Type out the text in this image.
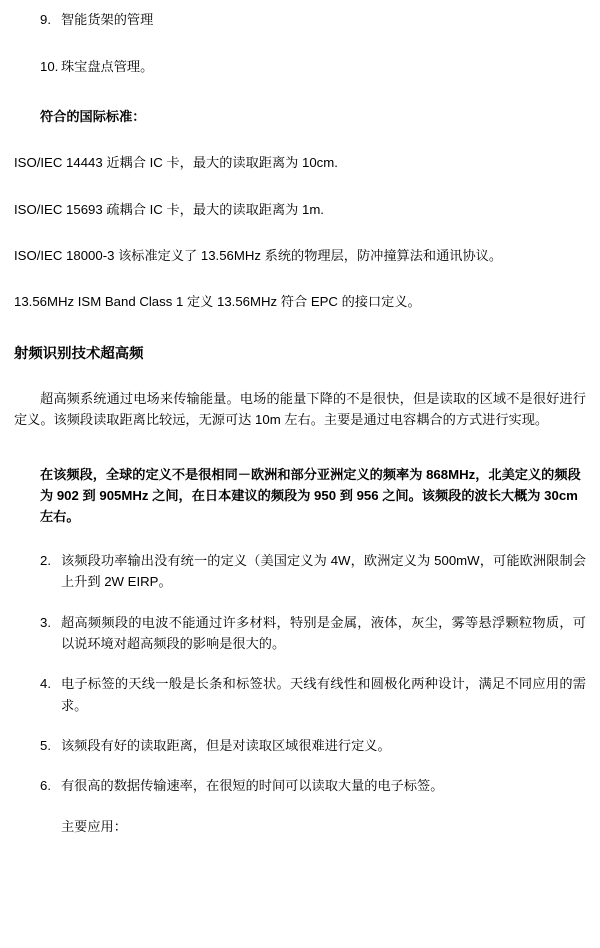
9. 智能货架的管理
10. 珠宝盘点管理。
符合的国际标准：
ISO/IEC 14443 近耦合 IC 卡，最大的读取距离为 10cm.
ISO/IEC 15693 疏耦合 IC 卡，最大的读取距离为 1m.
ISO/IEC 18000-3 该标准定义了 13.56MHz 系统的物理层，防冲撞算法和通讯协议。
13.56MHz ISM Band Class 1 定义 13.56MHz 符合 EPC 的接口定义。
射频识别技术超高频
超高频系统通过电场来传输能量。电场的能量下降的不是很快，但是读取的区域不是很好进行定义。该频段读取距离比较远，无源可达 10m 左右。主要是通过电容耦合的方式进行实现。
在该频段，全球的定义不是很相同－欧洲和部分亚洲定义的频率为 868MHz，北美定义的频段为 902 到 905MHz 之间，在日本建议的频段为 950 到 956 之间。该频段的波长大概为 30cm 左右。
2. 该频段功率输出没有统一的定义（美国定义为 4W，欧洲定义为 500mW，可能欧洲限制会上升到 2W EIRP。
3. 超高频频段的电波不能通过许多材料，特别是金属，液体，灰尘，雾等悬浮颗粒物质，可以说环境对超高频段的影响是很大的。
4. 电子标签的天线一般是长条和标签状。天线有线性和圆极化两种设计，满足不同应用的需求。
5. 该频段有好的读取距离，但是对读取区域很难进行定义。
6. 有很高的数据传输速率，在很短的时间可以读取大量的电子标签。
主要应用：
